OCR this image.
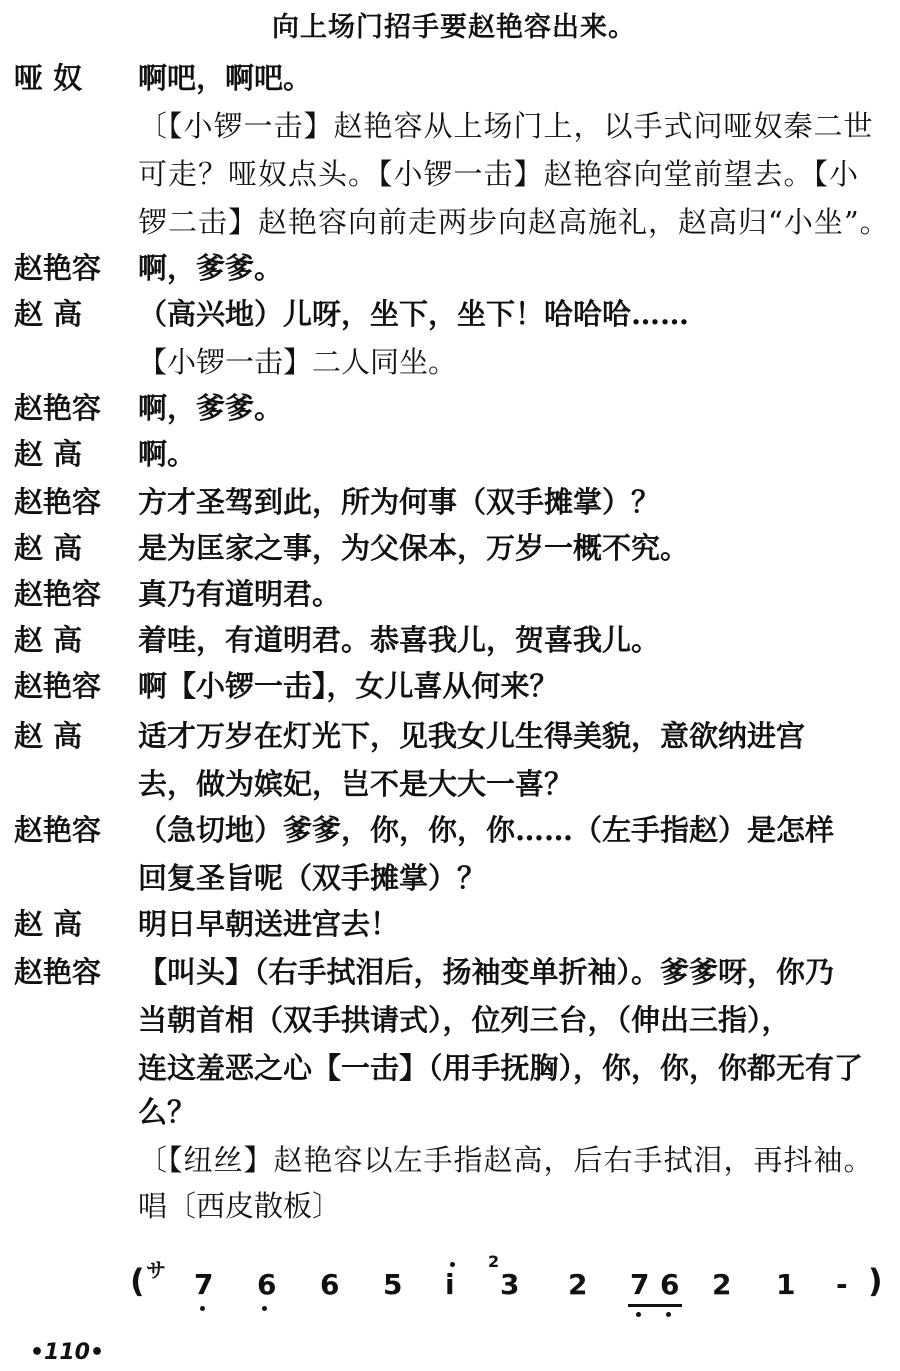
向上场门招手要赵艳容出来。
哑 奴	啊吧，啊吧。
〔【小锣一击】赵艳容从上场门上，以手式问哑奴秦二世
可走？哑奴点头。【小锣一击】赵艳容向堂前望去。【小
锣二击】赵艳容向前走两步向赵高施礼，赵高归“小坐”。
赵艳容	啊，爹爹。
赵 高	（高兴地）儿呀，坐下，坐下！哈哈哈……
【小锣一击】二人同坐。
赵艳容	啊，爹爹。
赵 高	啊。
赵艳容	方才圣驾到此，所为何事（双手摊掌）？
赵 高	是为匡家之事，为父保本，万岁一概不究。
赵艳容	真乃有道明君。
赵 高	着哇，有道明君。恭喜我儿，贺喜我儿。
赵艳容	啊【小锣一击】，女儿喜从何来？
赵 高	适才万岁在灯光下，见我女儿生得美貌，意欲纳进宫
去，做为嫔妃，岂不是大大一喜？
赵艳容	（急切地）爹爹，你，你，你……（左手指赵）是怎样
回复圣旨呢（双手摊掌）？
赵 高	明日早朝送进宫去！
赵艳容	【叫头】（右手拭泪后，扬袖变单折袖）。爹爹呀，你乃
当朝首相（双手拱请式），位列三台，（伸出三指），
连这羞恶之心【一击】（用手抚胸），你，你，你都无有了
么？
〔【纽丝】赵艳容以左手指赵高，后右手拭泪，再抖袖。
唱〔西皮散板〕
( サ 7 6 6 5 i
2
3 2 7 6 2 1 - )
•110•
